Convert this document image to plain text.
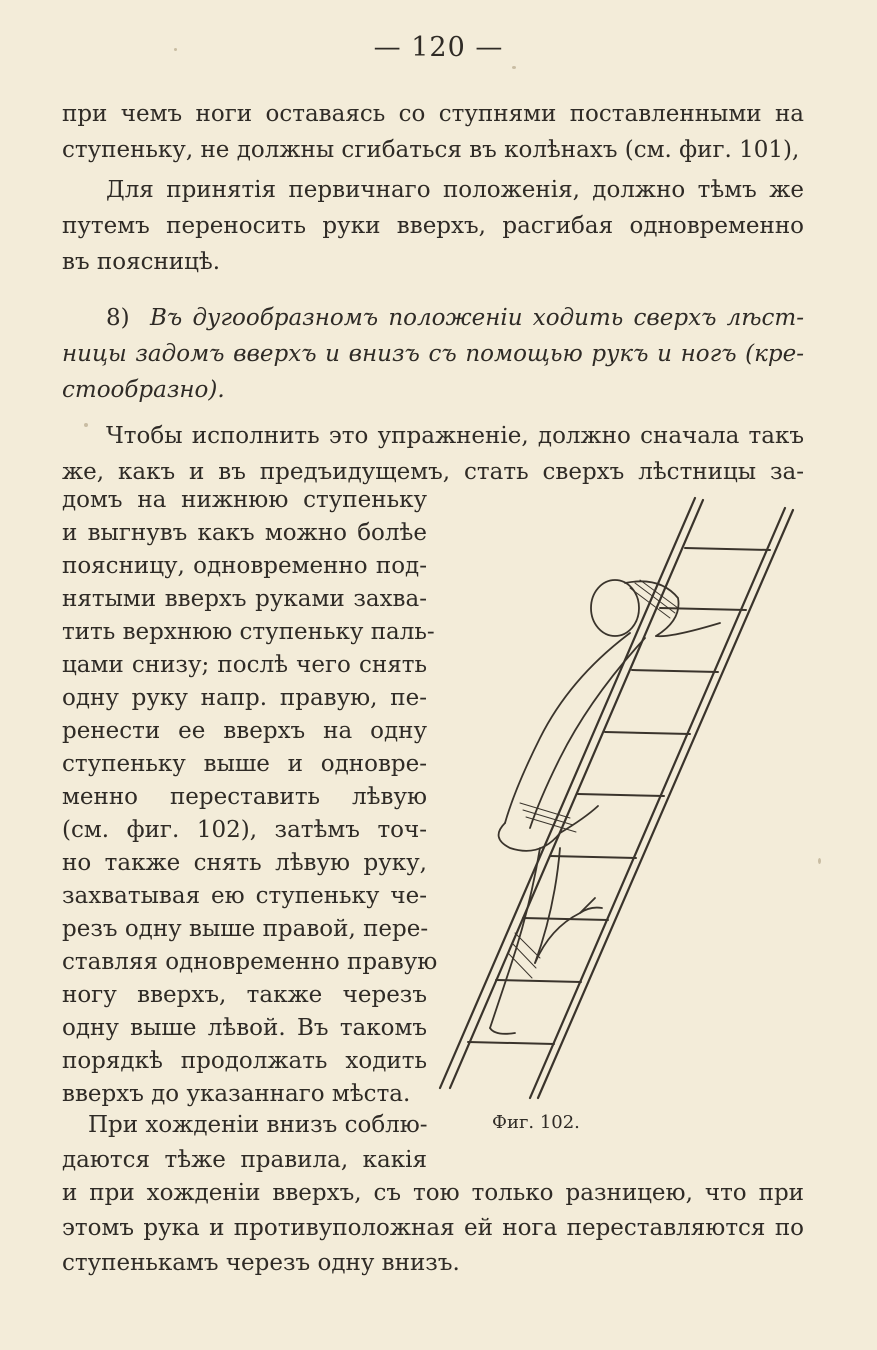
— 120 —
при чемъ ноги оставаясь со ступнями поставленными на
ступеньку, не должны сгибаться въ колѣнахъ (см. фиг. 101),
Для принятія первичнаго положенія, должно тѣмъ же
путемъ переносить руки вверхъ, расгибая одновременно
въ поясницѣ.
8) Въ дугообразномъ положеніи ходить сверхъ лѣст-
ницы задомъ вверхъ и внизъ съ помощью рукъ и ногъ (кре-
стообразно).
Чтобы исполнить это упражненіе, должно сначала такъ
же, какъ и въ предъидущемъ, стать сверхъ лѣстницы за-
домъ на нижнюю ступеньку
и выгнувъ какъ можно болѣе
поясницу, одновременно под-
нятыми вверхъ руками захва-
тить верхнюю ступеньку паль-
цами снизу; послѣ чего снять
одну руку напр. правую, пе-
ренести ее вверхъ на одну
ступеньку выше и одновре-
менно переставить лѣвую
(см. фиг. 102), затѣмъ точ-
но также снять лѣвую руку,
захватывая ею ступеньку че-
резъ одну выше правой, пере-
ставляя одновременно правую
ногу вверхъ, также черезъ
одну выше лѣвой. Въ такомъ
порядкѣ продолжать ходить
вверхъ до указаннаго мѣста.
При хожденіи внизъ соблю-
даются тѣже правила, какія
и при хожденіи вверхъ, съ тою только разницею, что при
этомъ рука и противуположная ей нога переставляются по
ступенькамъ черезъ одну внизъ.
Фиг. 102.
